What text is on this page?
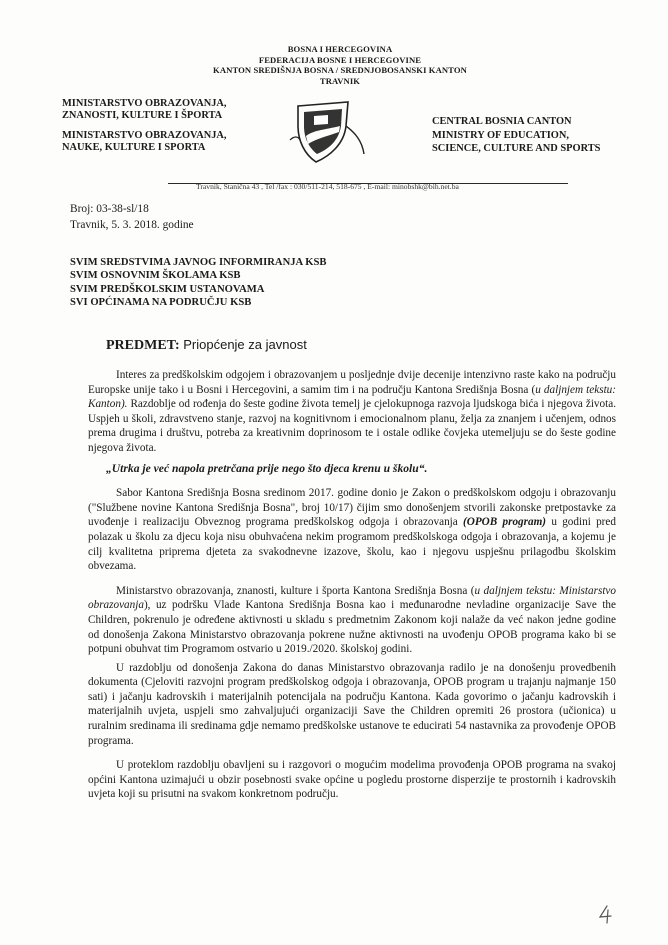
BOSNA I HERCEGOVINA
FEDERACIJA BOSNE I HERCEGOVINE
KANTON SREDIŠNJA BOSNA / SREDNJOBOSANSKI KANTON
TRAVNIK
MINISTARSTVO OBRAZOVANJA,
ZNANOSTI, KULTURE I ŠPORTA
MINISTARSTVO OBRAZOVANJA,
NAUKE, KULTURE I SPORTA
CENTRAL BOSNIA CANTON
MINISTRY OF EDUCATION,
SCIENCE, CULTURE AND SPORTS
Travnik, Stanična 43 , Tel /fax : 030/511-214, 518-675 , E-mail: minobshk@bih.net.ba
Broj: 03-38-sl/18
Travnik, 5. 3. 2018. godine
SVIM SREDSTVIMA JAVNOG INFORMIRANJA KSB
SVIM OSNOVNIM ŠKOLAMA KSB
SVIM PREDŠKOLSKIM USTANOVAMA
SVI OPĆINAMA NA PODRUČJU KSB
PREDMET: Priopćenje za javnost

Interes za predškolskim odgojem i obrazovanjem u posljednje dvije decenije intenzivno raste kako na području Europske unije tako i u Bosni i Hercegovini, a samim tim i na području Kantona Središnja Bosna (u daljnjem tekstu: Kanton). Razdoblje od rođenja do šeste godine života temelj je cjelokupnoga razvoja ljudskoga bića i njegova života. Uspjeh u školi, zdravstveno stanje, razvoj na kognitivnom i emocionalnom planu, želja za znanjem i učenjem, odnos prema drugima i društvu, potreba za kreativnim doprinosom te i ostale odlike čovjeka utemeljuju se do šeste godine njegova života.

„Utrka je već napola pretrčana prije nego što djeca krenu u školu“.

Sabor Kantona Središnja Bosna sredinom 2017. godine donio je Zakon o predškolskom odgoju i obrazovanju ("Službene novine Kantona Središnja Bosna", broj 10/17) čijim smo donošenjem stvorili zakonske pretpostavke za uvođenje i realizaciju Obveznog programa predškolskog odgoja i obrazovanja (OPOB program) u godini pred polazak u školu za djecu koja nisu obuhvaćena nekim programom predškolskoga odgoja i obrazovanja, a kojemu je cilj kvalitetna priprema djeteta za svakodnevne izazove, školu, kao i njegovu uspješnu prilagodbu školskim obvezama.

Ministarstvo obrazovanja, znanosti, kulture i športa Kantona Središnja Bosna (u daljnjem tekstu: Ministarstvo obrazovanja), uz podršku Vlade Kantona Središnja Bosna kao i međunarodne nevladine organizacije Save the Children, pokrenulo je određene aktivnosti u skladu s predmetnim Zakonom koji nalaže da već nakon jedne godine od donošenja Zakona Ministarstvo obrazovanja pokrene nužne aktivnosti na uvođenju OPOB programa kako bi se potpuni obuhvat tim Programom ostvario u 2019./2020. školskoj godini.

U razdoblju od donošenja Zakona do danas Ministarstvo obrazovanja radilo je na donošenju provedbenih dokumenta (Cjeloviti razvojni program predškolskog odgoja i obrazovanja, OPOB program u trajanju najmanje 150 sati) i jačanju kadrovskih i materijalnih potencijala na području Kantona. Kada govorimo o jačanju kadrovskih i materijalnih uvjeta, uspjeli smo zahvaljujući organizaciji Save the Children opremiti 26 prostora (učionica) u ruralnim sredinama ili sredinama gdje nemamo predškolske ustanove te educirati 54 nastavnika za provođenje OPOB programa.

U proteklom razdoblju obavljeni su i razgovori o mogućim modelima provođenja OPOB programa na svakoj općini Kantona uzimajući u obzir posebnosti svake općine u pogledu prostorne disperzije te prostornih i kadrovskih uvjeta koji su prisutni na svakom konkretnom području.
